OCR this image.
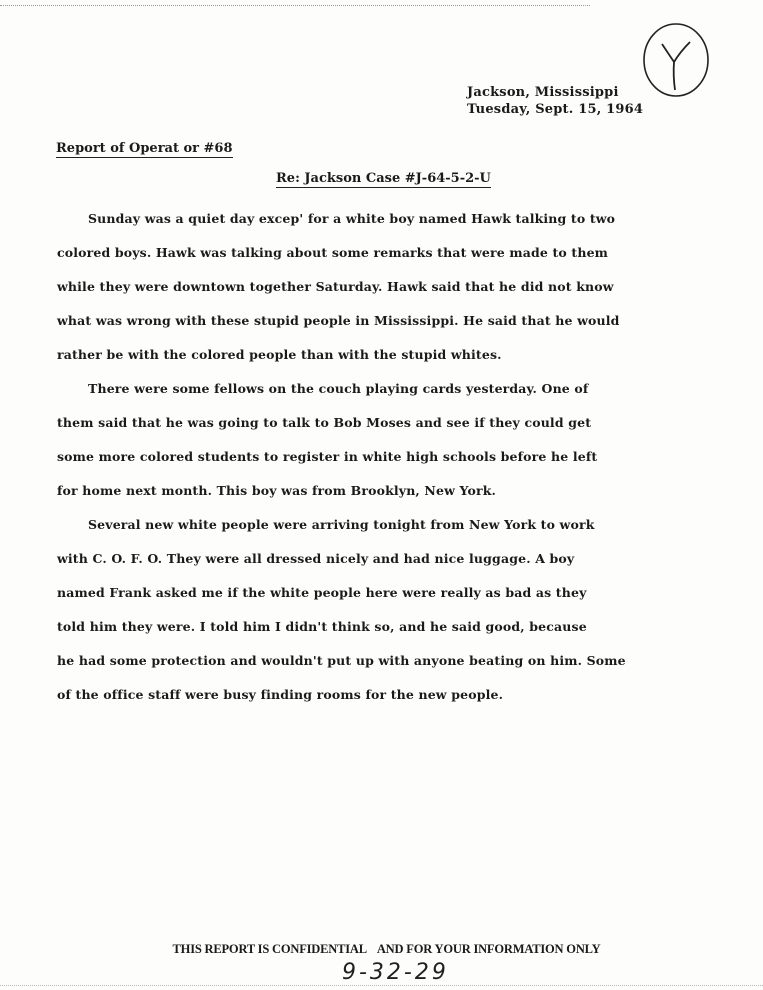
Jackson, Mississippi
Tuesday, Sept. 15, 1964
Report of Operat or #68
Re: Jackson Case #J-64-5-2-U
Sunday was a quiet day excep' for a white boy named Hawk talking to two
colored boys. Hawk was talking about some remarks that were made to them
while they were downtown together Saturday. Hawk said that he did not know
what was wrong with these stupid people in Mississippi. He said that he would
rather be with the colored people than with the stupid whites.
There were some fellows on the couch playing cards yesterday. One of
them said that he was going to talk to Bob Moses and see if they could get
some more colored students to register in white high schools before he left
for home next month. This boy was from Brooklyn, New York.
Several new white people were arriving tonight from New York to work
with C. O. F. O. They were all dressed nicely and had nice luggage. A boy
named Frank asked me if the white people here were really as bad as they
told him they were. I told him I didn't think so, and he said good, because
he had some protection and wouldn't put up with anyone beating on him. Some
of the office staff were busy finding rooms for the new people.
THIS REPORT IS CONFIDENTIAL AND FOR YOUR INFORMATION ONLY
9-32-29
